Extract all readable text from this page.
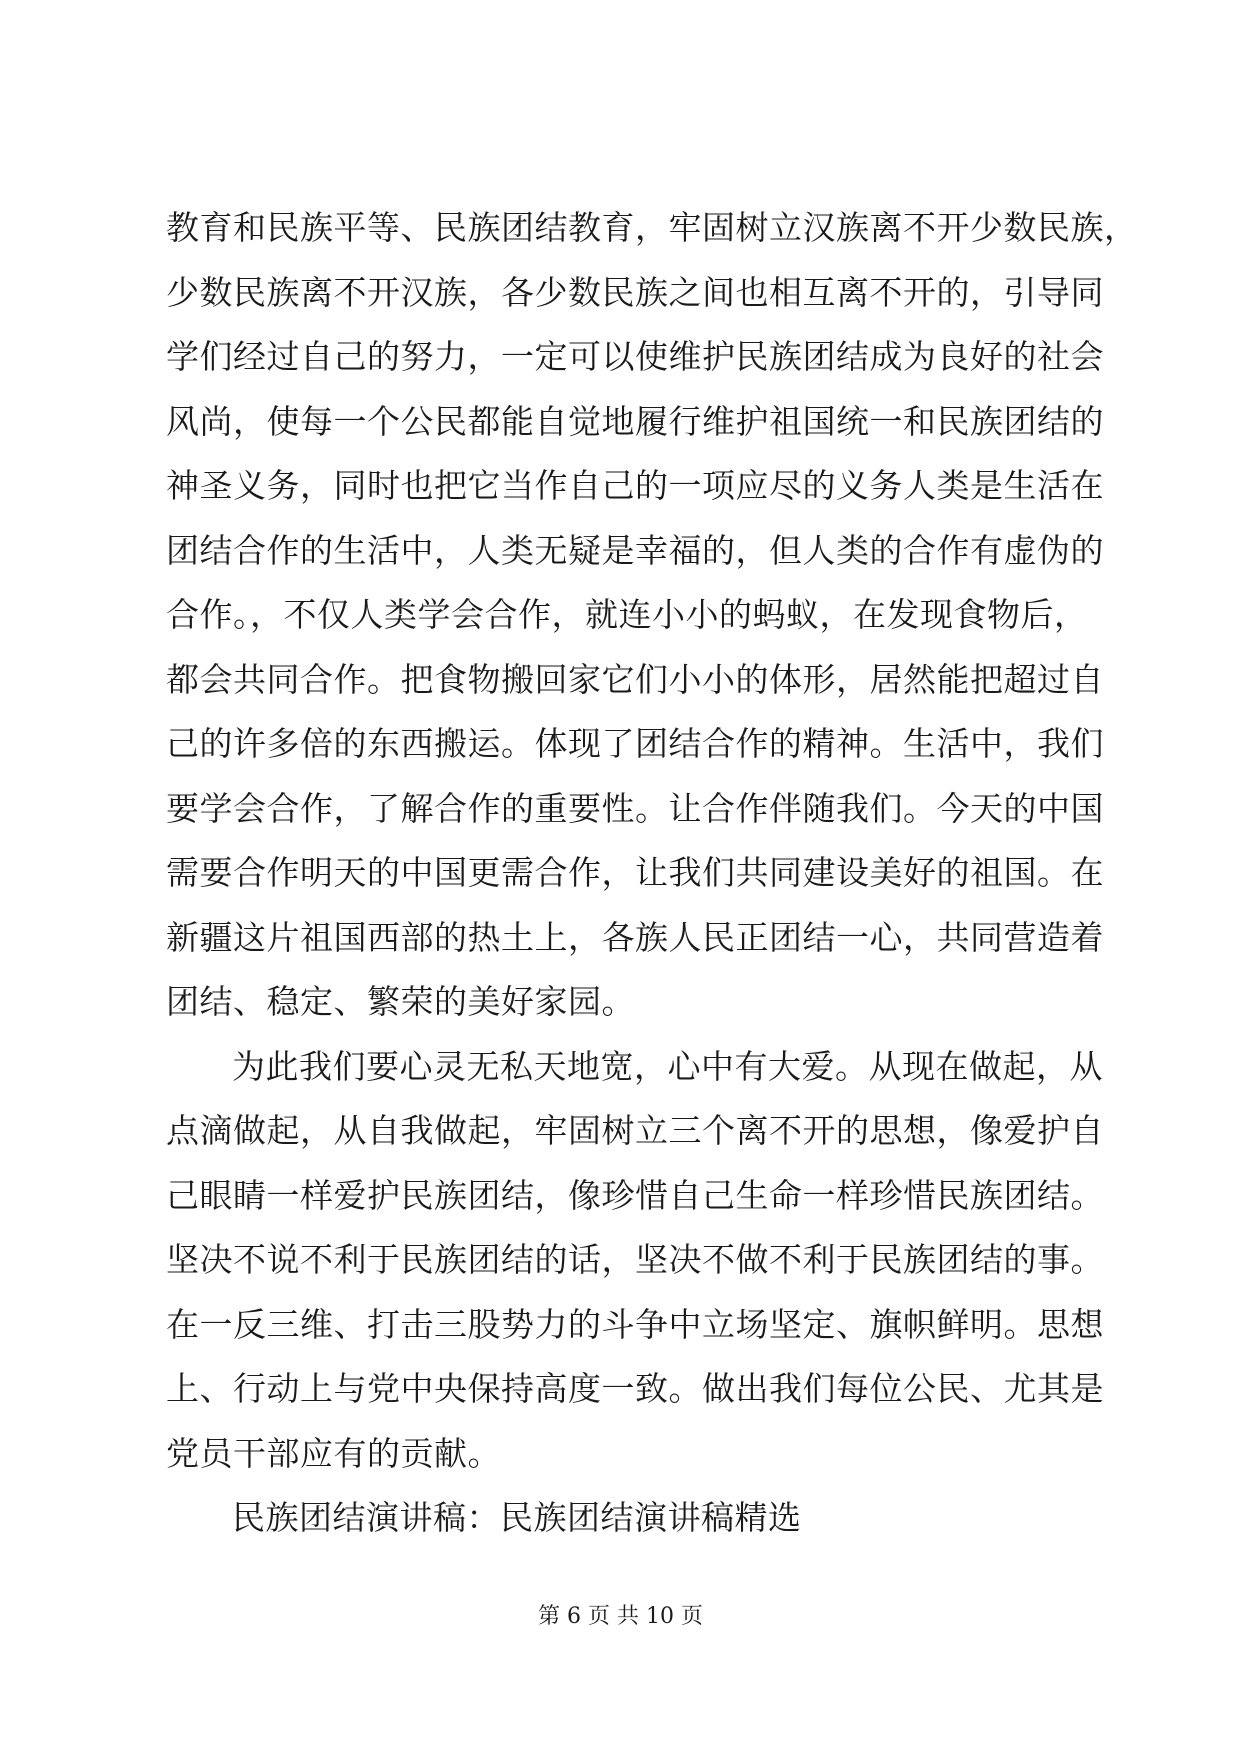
教育和民族平等、民族团结教育，牢固树立汉族离不开少数民族，
少数民族离不开汉族，各少数民族之间也相互离不开的，引导同
学们经过自己的努力，一定可以使维护民族团结成为良好的社会
风尚，使每一个公民都能自觉地履行维护祖国统一和民族团结的
神圣义务，同时也把它当作自己的一项应尽的义务人类是生活在
团结合作的生活中，人类无疑是幸福的，但人类的合作有虚伪的
合作。，不仅人类学会合作，就连小小的蚂蚁，在发现食物后，
都会共同合作。把食物搬回家它们小小的体形，居然能把超过自
己的许多倍的东西搬运。体现了团结合作的精神。生活中，我们
要学会合作，了解合作的重要性。让合作伴随我们。今天的中国
需要合作明天的中国更需合作，让我们共同建设美好的祖国。在
新疆这片祖国西部的热土上，各族人民正团结一心，共同营造着
团结、稳定、繁荣的美好家园。
为此我们要心灵无私天地宽，心中有大爱。从现在做起，从
点滴做起，从自我做起，牢固树立三个离不开的思想，像爱护自
己眼睛一样爱护民族团结，像珍惜自己生命一样珍惜民族团结。
坚决不说不利于民族团结的话，坚决不做不利于民族团结的事。
在一反三维、打击三股势力的斗争中立场坚定、旗帜鲜明。思想
上、行动上与党中央保持高度一致。做出我们每位公民、尤其是
党员干部应有的贡献。
民族团结演讲稿：民族团结演讲稿精选
第 6 页 共 10 页
